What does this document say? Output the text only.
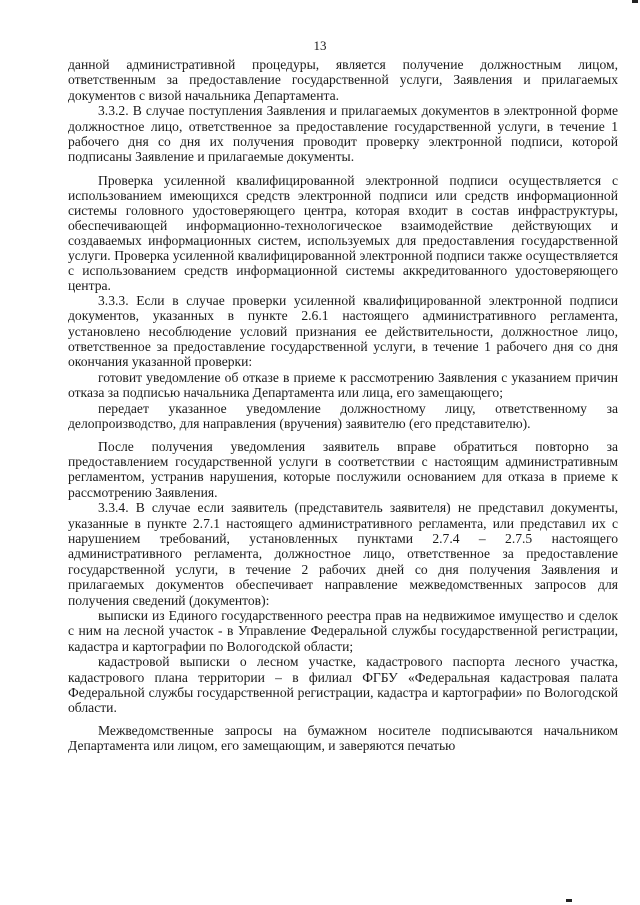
13

данной административной процедуры, является получение должностным лицом, ответственным за предоставление государственной услуги, Заявления и прилагаемых документов с визой начальника Департамента.

3.3.2. В случае поступления Заявления и прилагаемых документов в электронной форме должностное лицо, ответственное за предоставление государственной услуги, в течение 1 рабочего дня со дня их получения проводит проверку электронной подписи, которой подписаны Заявление и прилагаемые документы.

Проверка усиленной квалифицированной электронной подписи осуществляется с использованием имеющихся средств электронной подписи или средств информационной системы головного удостоверяющего центра, которая входит в состав инфраструктуры, обеспечивающей информационно-технологическое взаимодействие действующих и создаваемых информационных систем, используемых для предоставления государственной услуги. Проверка усиленной квалифицированной электронной подписи также осуществляется с использованием средств информационной системы аккредитованного удостоверяющего центра.

3.3.3. Если в случае проверки усиленной квалифицированной электронной подписи документов, указанных в пункте 2.6.1 настоящего административного регламента, установлено несоблюдение условий признания ее действительности, должностное лицо, ответственное за предоставление государственной услуги, в течение 1 рабочего дня со дня окончания указанной проверки:

готовит уведомление об отказе в приеме к рассмотрению Заявления с указанием причин отказа за подписью начальника Департамента или лица, его замещающего;

передает указанное уведомление должностному лицу, ответственному за делопроизводство, для направления (вручения) заявителю (его представителю).

После получения уведомления заявитель вправе обратиться повторно за предоставлением государственной услуги в соответствии с настоящим административным регламентом, устранив нарушения, которые послужили основанием для отказа в приеме к рассмотрению Заявления.

3.3.4. В случае если заявитель (представитель заявителя) не представил документы, указанные в пункте 2.7.1 настоящего административного регламента, или представил их с нарушением требований, установленных пунктами 2.7.4 – 2.7.5 настоящего административного регламента, должностное лицо, ответственное за предоставление государственной услуги, в течение 2 рабочих дней со дня получения Заявления и прилагаемых документов обеспечивает направление межведомственных запросов для получения сведений (документов):

выписки из Единого государственного реестра прав на недвижимое имущество и сделок с ним на лесной участок - в Управление Федеральной службы государственной регистрации, кадастра и картографии по Вологодской области;

кадастровой выписки о лесном участке, кадастрового паспорта лесного участка, кадастрового плана территории – в филиал ФГБУ «Федеральная кадастровая палата Федеральной службы государственной регистрации, кадастра и картографии» по Вологодской области.

Межведомственные запросы на бумажном носителе подписываются начальником Департамента или лицом, его замещающим, и заверяются печатью
